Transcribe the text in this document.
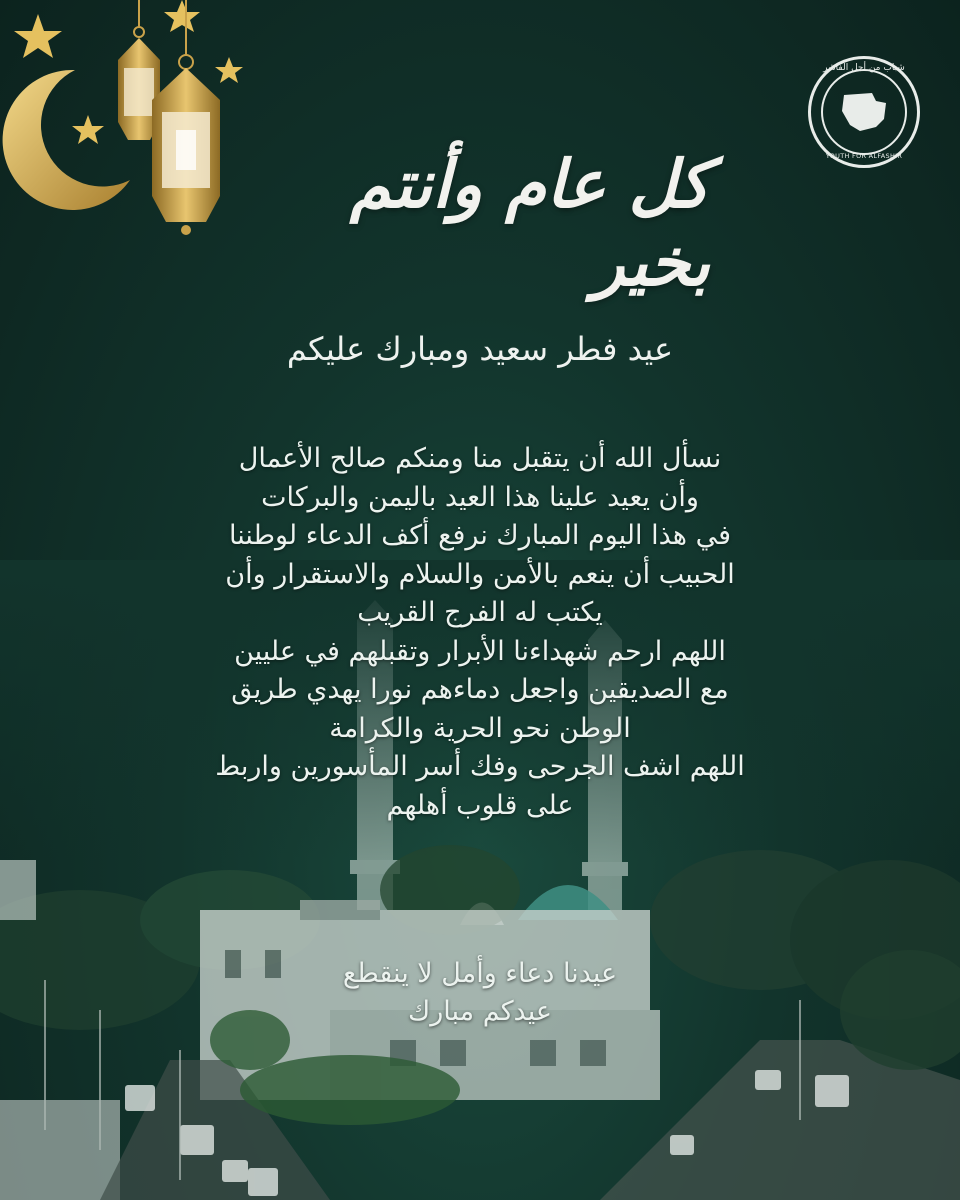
شباب من أجل الفاشر
YOUTH FOR ALFASHIR
كل عام وأنتم بخير
عيد فطر سعيد ومبارك عليكم
نسأل الله أن يتقبل منا ومنكم صالح الأعمال
وأن يعيد علينا هذا العيد باليمن والبركات
في هذا اليوم المبارك نرفع أكف الدعاء لوطننا
الحبيب أن ينعم بالأمن والسلام والاستقرار وأن
يكتب له الفرج القريب
اللهم ارحم شهداءنا الأبرار وتقبلهم في عليين
مع الصديقين واجعل دماءهم نورا يهدي طريق
الوطن نحو الحرية والكرامة
اللهم اشف الجرحى وفك أسر المأسورين واربط
على قلوب أهلهم
عيدنا دعاء وأمل لا ينقطع
عيدكم مبارك
